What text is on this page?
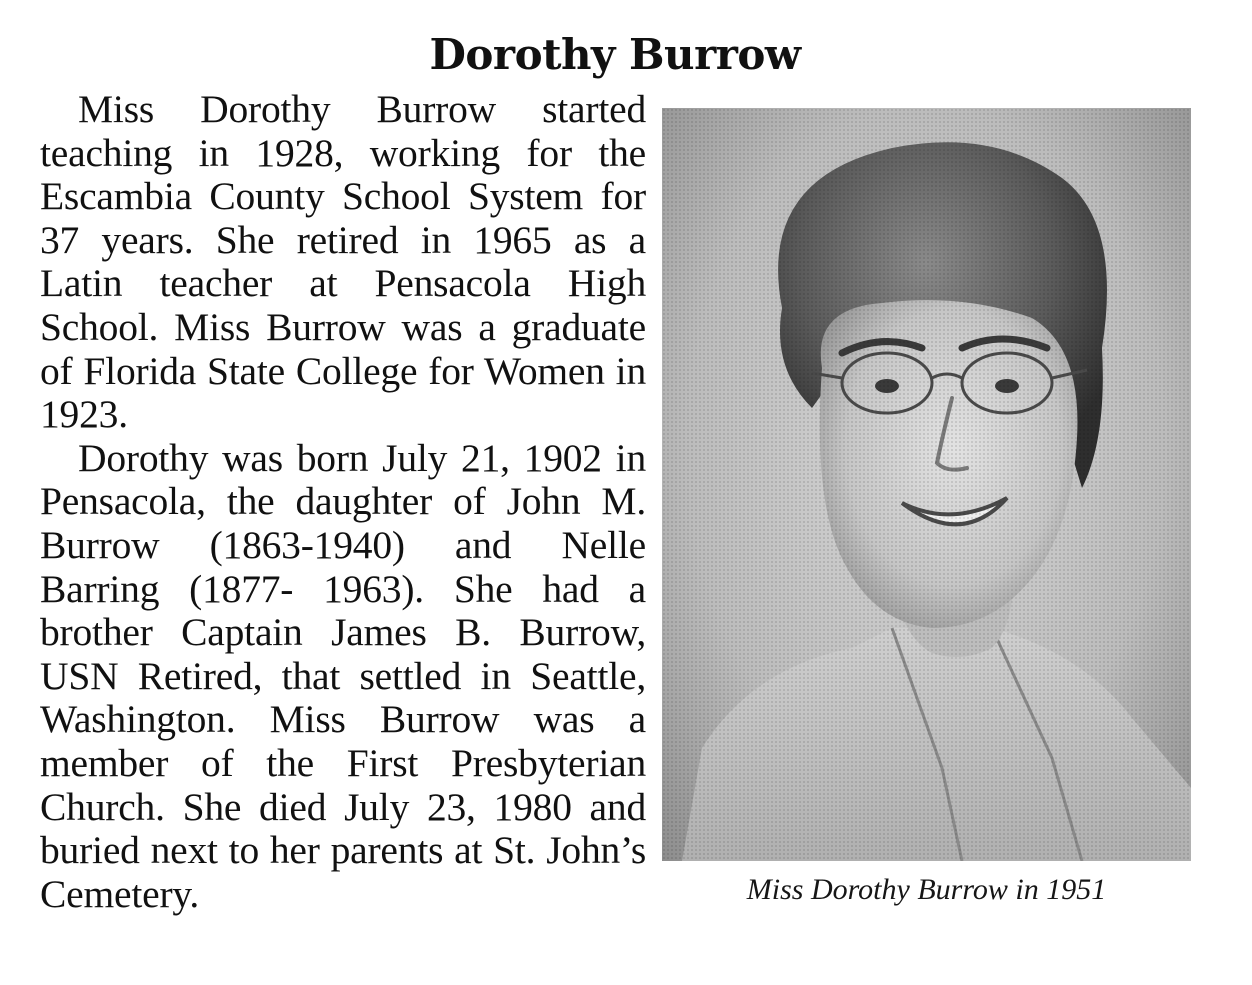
Dorothy Burrow

Miss Dorothy Burrow started teaching in 1928, working for the Escambia County School System for 37 years. She retired in 1965 as a Latin teacher at Pensacola High School. Miss Burrow was a graduate of Florida State College for Women in 1923.

Dorothy was born July 21, 1902 in Pensacola, the daughter of John M. Burrow (1863-1940) and Nelle Barring (1877- 1963). She had a brother Captain James B. Burrow, USN Retired, that settled in Seattle, Washington. Miss Burrow was a member of the First Presbyterian Church. She died July 23, 1980 and buried next to her parents at St. John’s Cemetery.	Miss Dorothy Burrow in 1951
